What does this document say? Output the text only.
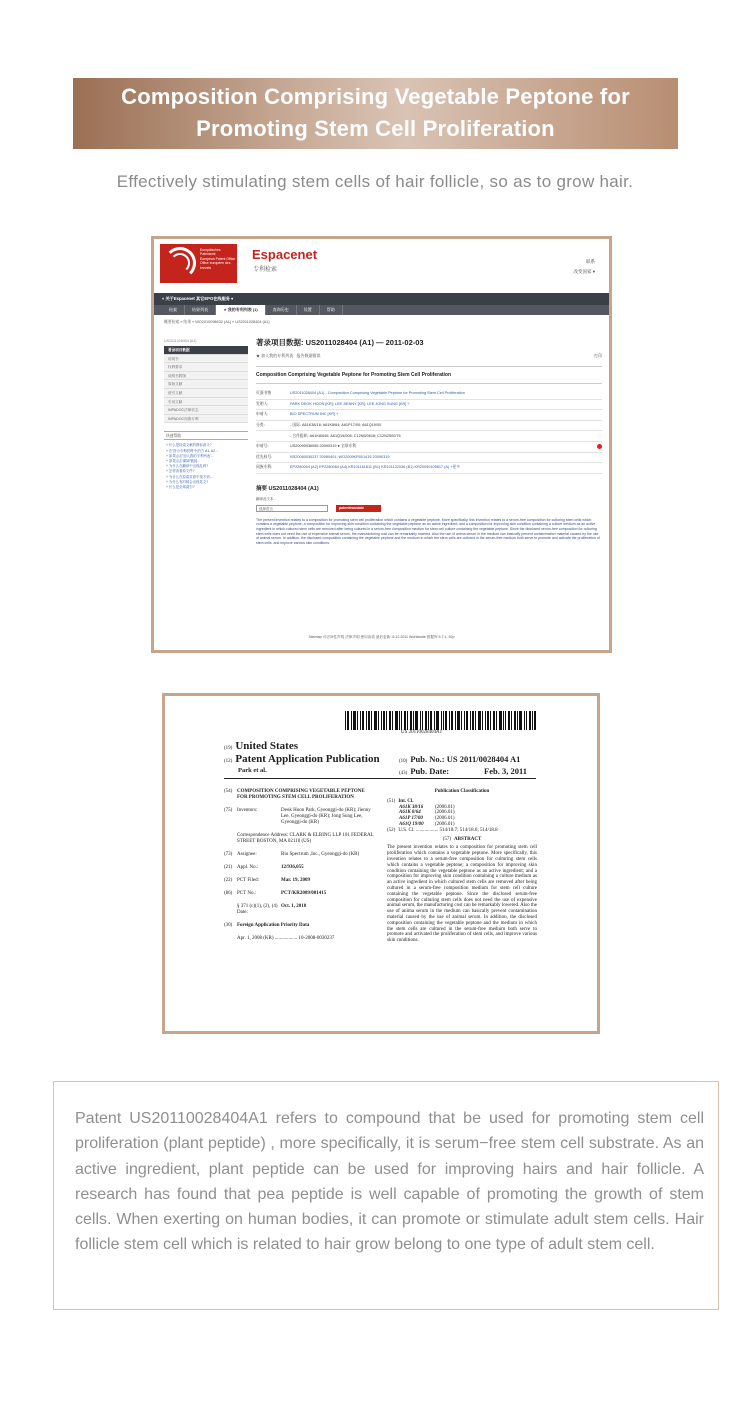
Composition Comprising Vegetable Peptone for
Promoting Stem Cell Proliferation
Effectively stimulating stem cells of hair follicle, so as to grow hair.
Europäisches Patentamt
European Patent Office
Office européen des brevets
Espacenet
专利检索
联系
改变国家 ▾
« 关于Espacenet 其它EPO在线服务 ▾
检索	结果列表	★ 我的专利列表 (1)	查询历史	设置	帮助
概要检索 » 结果 » WO2010098632 (A1) » US2011028404 (A1)
US2011028404 (A1)
著录项目数据
说明书
权利要求
说明书附图
原始文献
被引文献
引用文献
INPADOC法律状态
INPADOC同族专利
快速帮助
+ 什么是检索文献的图标意义?
+ 在'因为专利权利'中的方 A1, A2...
+ 如果点击'加入我的专利列表'...
+ 如果点击'翻译'链接...
+ 为什么在翻译中出现乱码?
+ 怎样查看原文件?
+ 为什么在检索页面中找不到...
+ 为什么有时候会出现英文?
+ 什么是全球索引?
著录项目数据: US2011028404 (A1) — 2011-02-03
★ 加入我的专利列表 报告数据错误	打印
Composition Comprising Vegetable Peptone for Promoting Stem Cell Proliferation
页面书签	US2011028404 (A1) - Composition Comprising Vegetable Peptone for Promoting Stem Cell Proliferation
发明人:	PARK DEOK HOON [KR]; LEE JIENNY [KR]; LEE JONG SUNG [KR] +
申请人:	BIO SPECTRUM INC [KR] +
分类:	- 国际: A61K38/16; A61K8/64; A61P17/00; A61Q19/00
- 合作组织: A61K8/645; A61Q19/008; C12N5/0618; C12N2500/76
申请号:	US20090936055 20090319 ● 全球专利
优先权号:	KR20080030237 20080401; WO2009KR001415 20090319
同族专利:	EP2280064 (A2) EP2280064 (A4) KR101161811 (B1) KR101122036 (B1) KR20090105817 (A) +更多
摘要 US2011028404 (A1)
翻译此文本
选择语言	patenttranslate
The present invention relates to a composition for promoting stem cell proliferation which contains a vegetable peptone. More specifically, this invention relates to a serum-free composition for culturing stem cells which contains a vegetable peptone; a composition for improving skin condition containing the vegetable peptone as an active ingredient; and a composition for improving skin condition containing a culture medium as an active ingredient in which cultured stem cells are removed after being cultured in a serum-free composition medium for stem cell culture containing the vegetable peptone. Since the disclosed serum-free composition for culturing stem cells does not need the use of expensive animal serum, the manufacturing cost can be remarkably lowered. Also the use of anima serum in the medium can basically prevent contamination material caused by the use of animal serum. In addition, the disclosed composition containing the vegetable peptone and the medium in which the stem cells are cultured in the serum-free medium both serve to promote and activate the proliferation of stem cells, and improve various skin conditions.
Sitemap 可访问性声明 法律声明 使用条款 最后更新: 6.12.2011 Worldwide 数据库 5.7.1; 92p
US 20110028404A1
(19) United States
(12) Patent Application Publication
Park et al.
(10) Pub. No.: US 2011/0028404 A1
(43) Pub. Date:	Feb. 3, 2011
(54) COMPOSITION COMPRISING VEGETABLE PEPTONE FOR PROMOTING STEM CELL PROLIFERATION
(75) Inventors:	Deok Hoon Park, Gyeonggi-do (KR); Jienny Lee, Gyeonggi-do (KR); Jong Sung Lee, Gyeonggi-do (KR)
Correspondence Address: CLARK & ELBING LLP 101 FEDERAL STREET BOSTON, MA 02110 (US)
(73) Assignee:	Bio Spectrum ,Inc., Gyeonggi-do (KR)
(21) Appl. No.:	12/936,055
(22) PCT Filed:	Mar. 19, 2009
(86) PCT No.:	PCT/KR2009/001415
§ 371 (c)(1), (2), (4) Date:
Oct. 1, 2010
(30) Foreign Application Priority Data
Apr. 1, 2008 (KR) .................. 10-2008-0030237
Publication Classification
(51) Int. Cl.
A61K 38/16	(2006.01)
A61K 8/64	(2006.01)
A61P 17/00	(2006.01)
A61Q 19/00	(2006.01)
(52) U.S. Cl. .................. 514/18.7; 514/18.6; 514/18.8
(57) ABSTRACT
The present invention relates to a composition for promoting stem cell proliferation which contains a vegetable peptone. More specifically, this invention relates to a serum-free composition for culturing stem cells which contains a vegetable peptone; a composition for improving skin condition containing the vegetable peptone as an active ingredient; and a composition for improving skin condition containing a culture medium as an active ingredient in which cultured stem cells are removed after being cultured in a serum-free composition medium for stem cell culture containing the vegetable peptone. Since the disclosed serum-free composition for culturing stem cells does not need the use of expensive animal serum, the manufacturing cost can be remarkably lowered. Also the use of anima serum in the medium can basically prevent contamination material caused by the use of animal serum. In addition, the disclosed composition containing the vegetable peptone and the medium in which the stem cells are cultured in the serum-free medium both serve to promote and activated the proliferation of stem cells, and improve various skin conditions.

Patent US20110028404A1 refers to compound that be used for promoting stem cell proliferation (plant peptide) , more specifically, it is serum−free stem cell substrate. As an active ingredient, plant peptide can be used for improving hairs and hair follicle. A research has found that pea peptide is well capable of promoting the growth of stem cells. When exerting on human bodies, it can promote or stimulate adult stem cells. Hair follicle stem cell which is related to hair grow belong to one type of adult stem cell.
